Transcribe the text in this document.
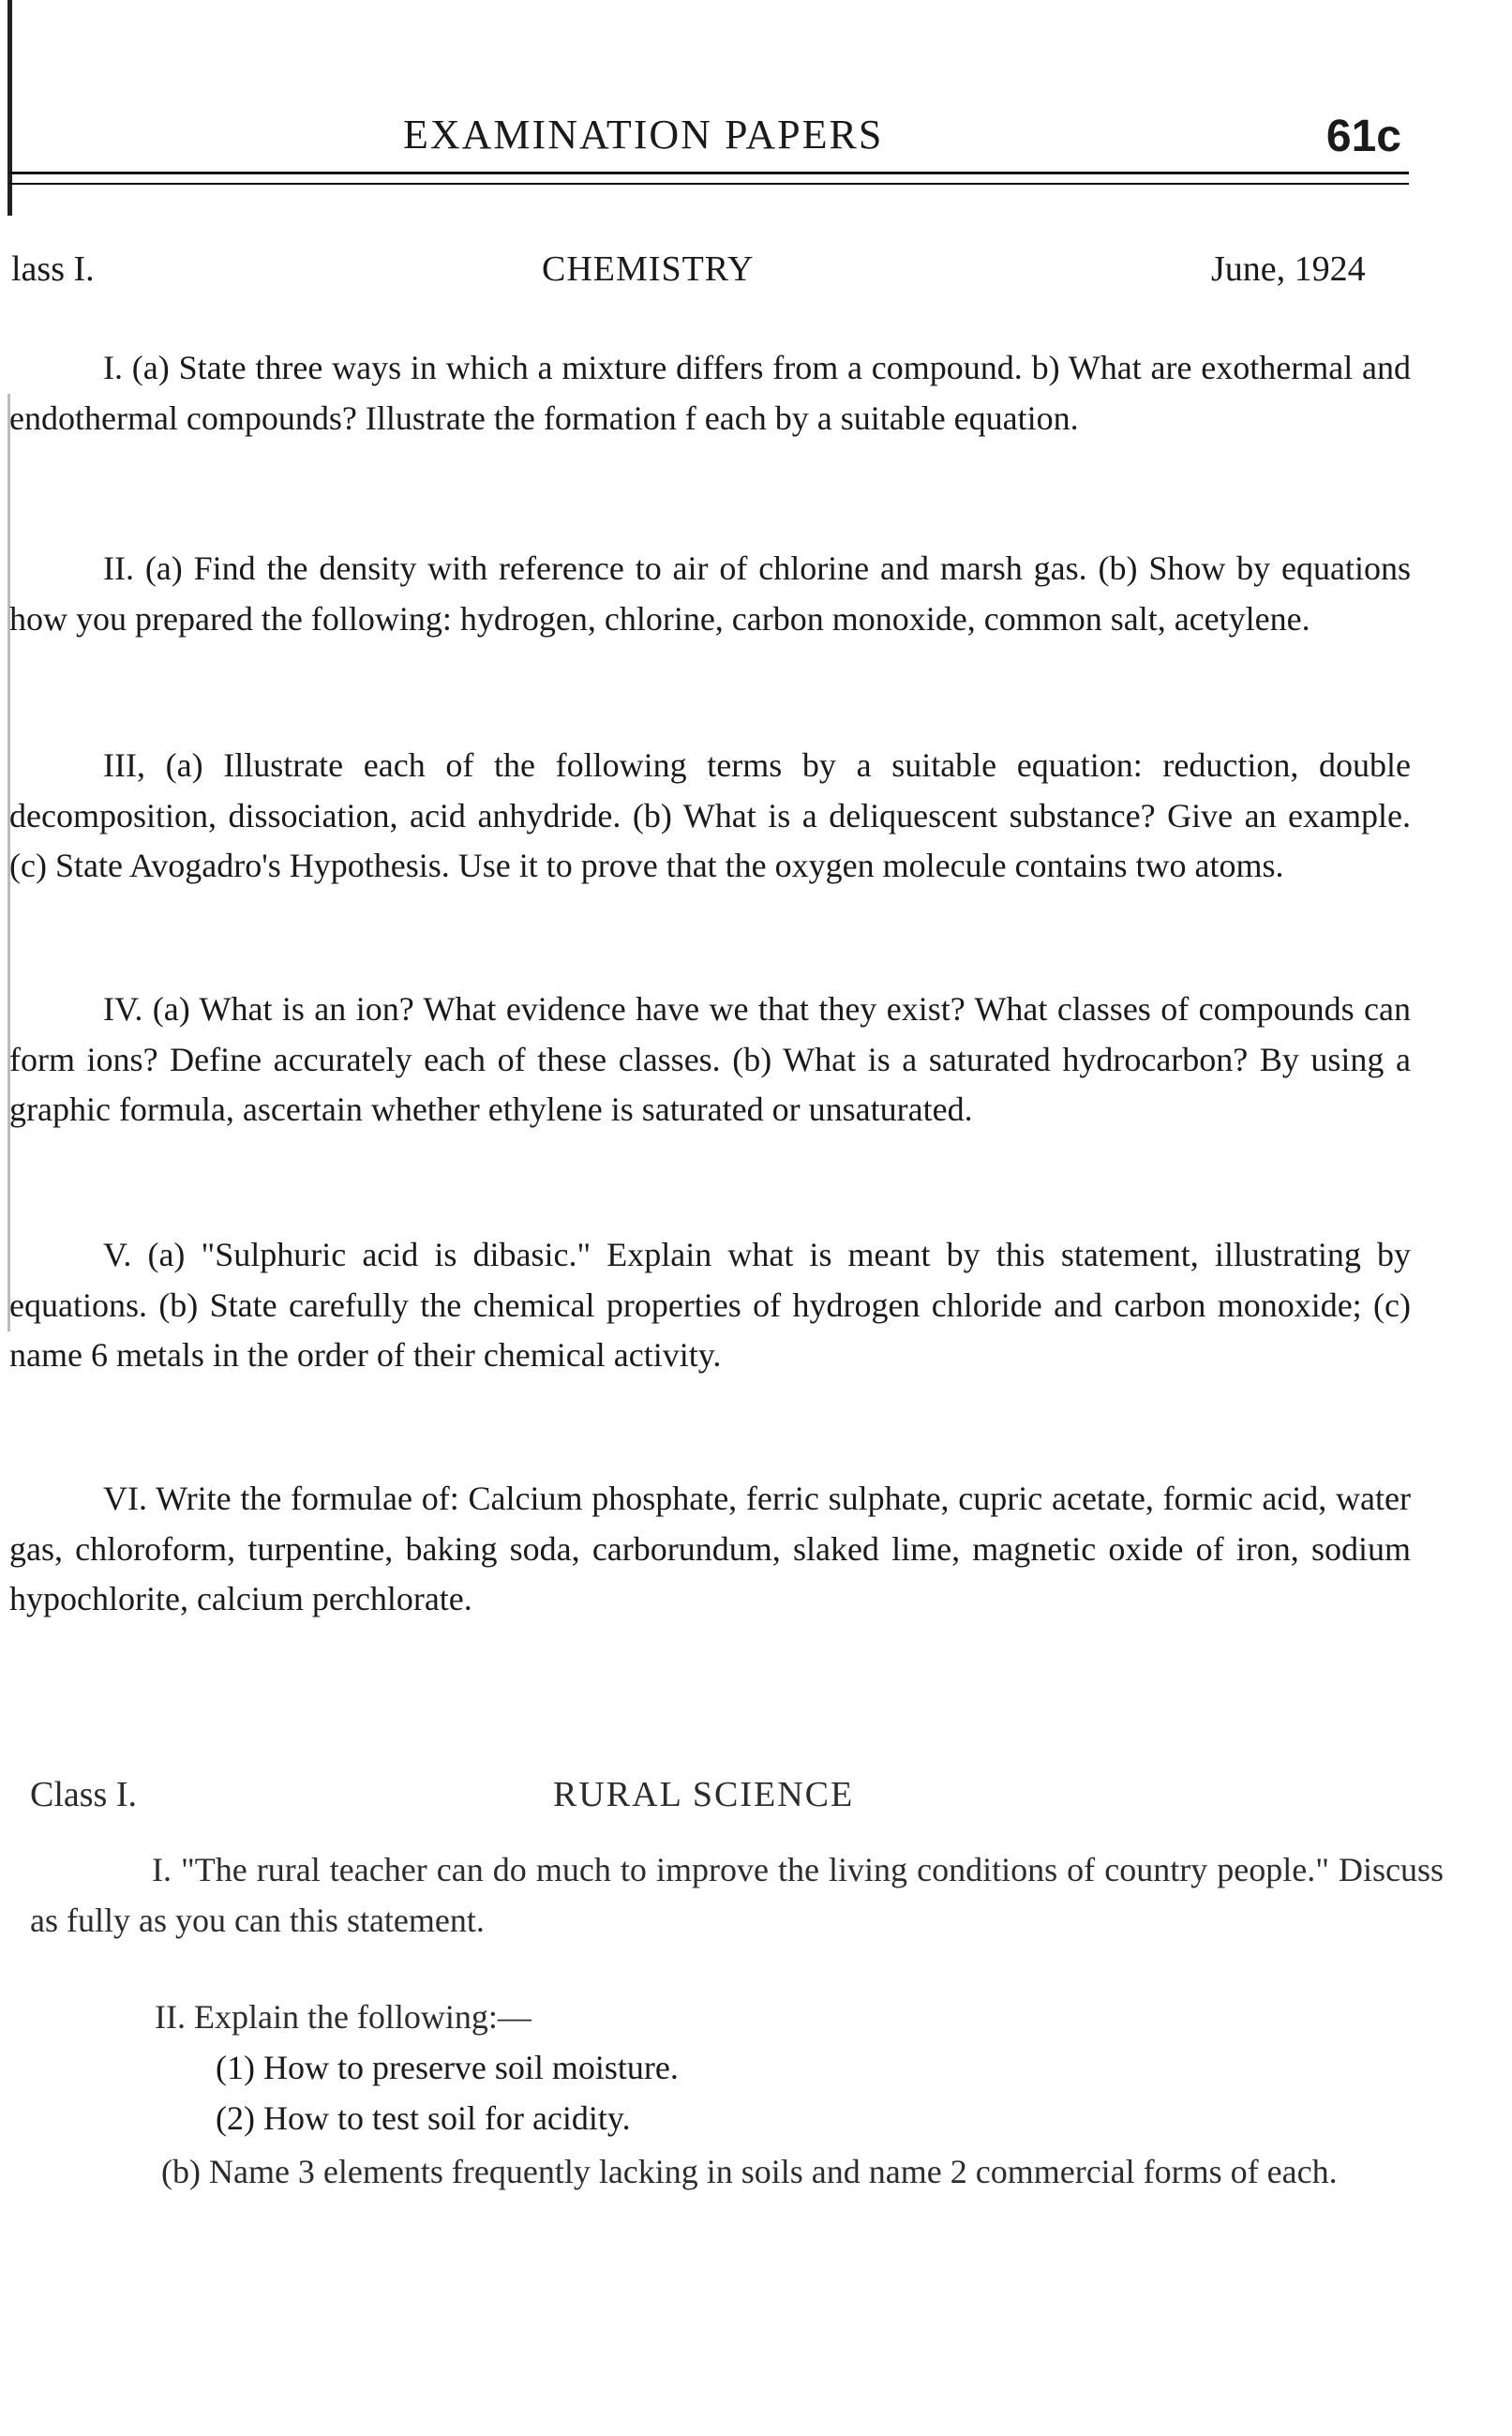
EXAMINATION PAPERS	61c
lass I.	CHEMISTRY	June, 1924
I. (a) State three ways in which a mixture differs from a compound. b) What are exothermal and endothermal compounds? Illustrate the formation f each by a suitable equation.
II. (a) Find the density with reference to air of chlorine and marsh gas. (b) Show by equations how you prepared the following: hydrogen, chlorine, carbon monoxide, common salt, acetylene.
III, (a) Illustrate each of the following terms by a suitable equation: reduction, double decomposition, dissociation, acid anhydride. (b) What is a deliquescent substance? Give an example. (c) State Avogadro's Hypothesis. Use it to prove that the oxygen molecule contains two atoms.
IV. (a) What is an ion? What evidence have we that they exist? What classes of compounds can form ions? Define accurately each of these classes. (b) What is a saturated hydrocarbon? By using a graphic formula, ascertain whether ethylene is saturated or unsaturated.
V. (a) "Sulphuric acid is dibasic." Explain what is meant by this statement, illustrating by equations. (b) State carefully the chemical properties of hydrogen chloride and carbon monoxide; (c) name 6 metals in the order of their chemical activity.
VI. Write the formulae of: Calcium phosphate, ferric sulphate, cupric acetate, formic acid, water gas, chloroform, turpentine, baking soda, carborundum, slaked lime, magnetic oxide of iron, sodium hypochlorite, calcium perchlorate.
Class I.	RURAL SCIENCE
I. "The rural teacher can do much to improve the living conditions of country people." Discuss as fully as you can this statement.
II. Explain the following:—
(1) How to preserve soil moisture.
(2) How to test soil for acidity.
(b) Name 3 elements frequently lacking in soils and name 2 commercial forms of each.
